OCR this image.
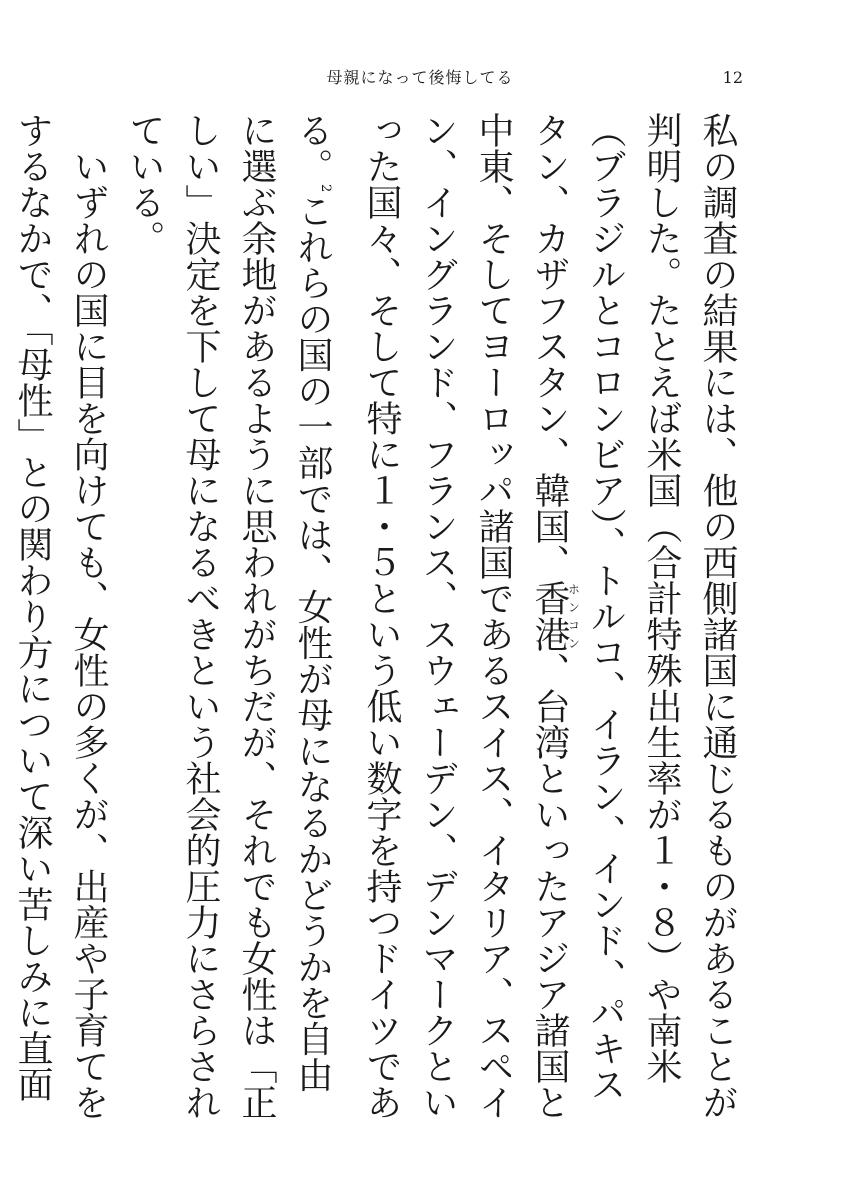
母親になって後悔してる	12

私の調査の結果には、他の西側諸国に通じるものがあることが判明した。たとえば米国（合計特殊出生率が１・８）や南米（ブラジルとコロンビア）、トルコ、イラン、インド、パキスタン、カザフスタン、韓国、香港ホンコン、台湾といったアジア諸国と中東、そしてヨーロッパ諸国であるスイス、イタリア、スペイン、イングランド、フランス、スウェーデン、デンマークといった国々、そして特に１・５という低い数字を持つドイツである。$^2$これらの国の一部では、女性が母になるかどうかを自由に選ぶ余地があるように思われがちだが、それでも女性は「正しい」決定を下して母になるべきという社会的圧力にさらされている。

いずれの国に目を向けても、女性の多くが、出産や子育てをするなかで、「母性」との関わり方について深い苦しみに直面
